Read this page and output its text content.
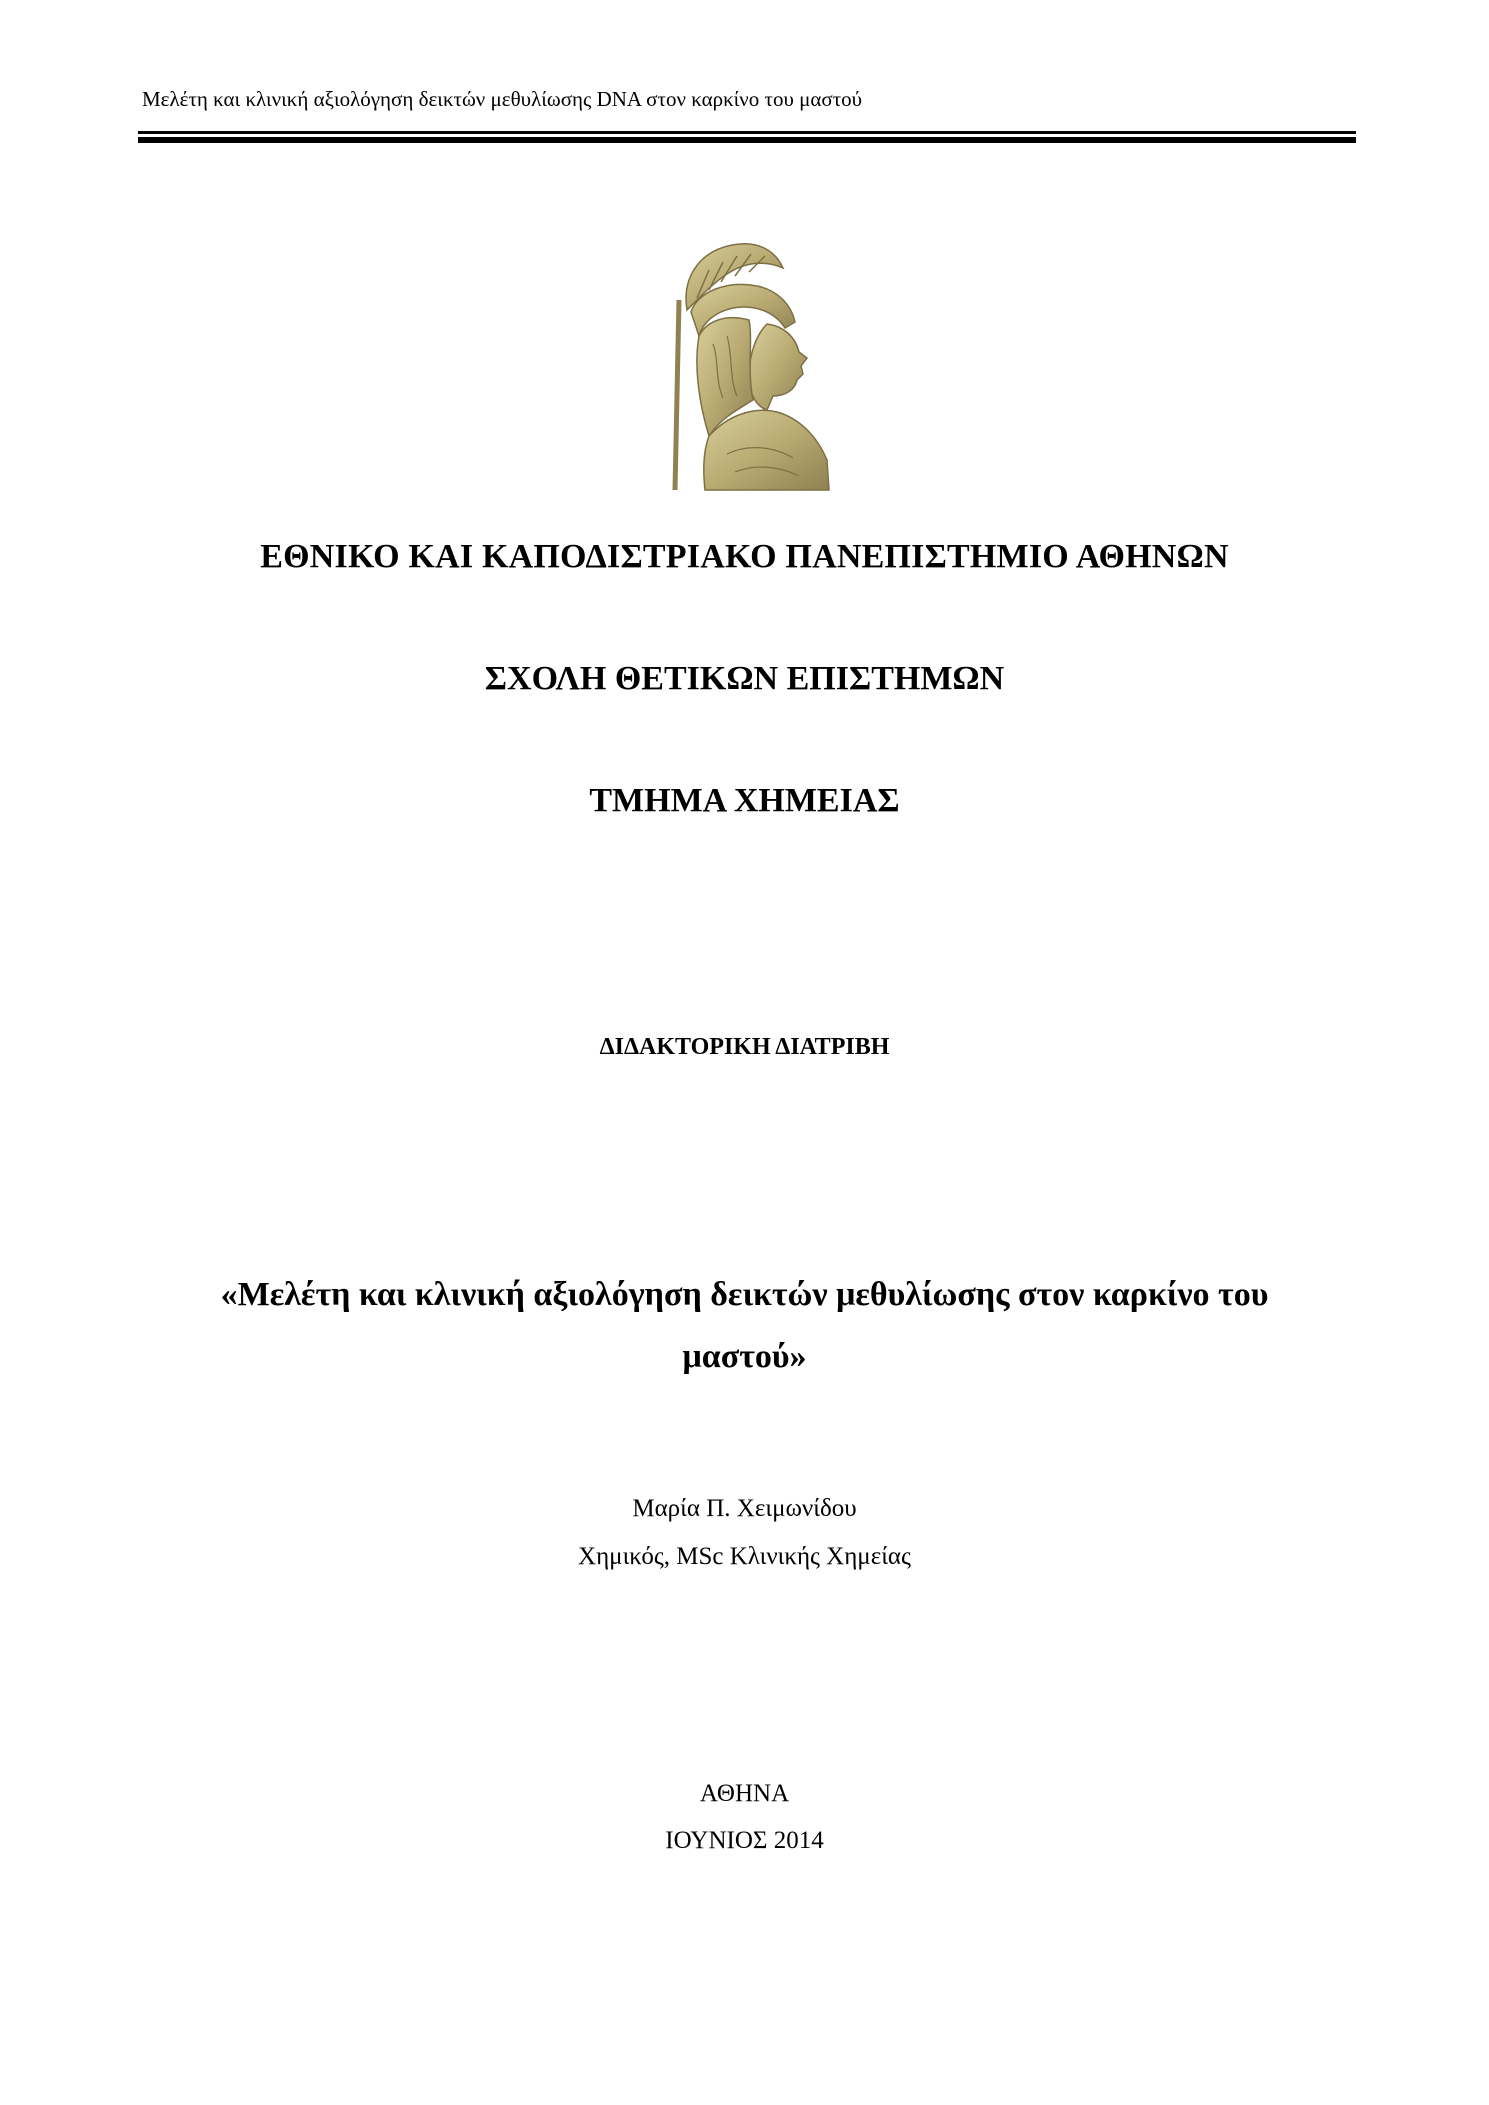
Μελέτη και κλινική αξιολόγηση δεικτών μεθυλίωσης DNA στον καρκίνο του μαστού
ΕΘΝΙΚΟ ΚΑΙ ΚΑΠΟΔΙΣΤΡΙΑΚΟ ΠΑΝΕΠΙΣΤΗΜΙΟ ΑΘΗΝΩΝ
ΣΧΟΛΗ ΘΕΤΙΚΩΝ ΕΠΙΣΤΗΜΩΝ
ΤΜΗΜΑ ΧΗΜΕΙΑΣ
ΔΙΔΑΚΤΟΡΙΚΗ ΔΙΑΤΡΙΒΗ
«Μελέτη και κλινική αξιολόγηση δεικτών μεθυλίωσης στον καρκίνο του
μαστού»
Μαρία Π. Χειμωνίδου
Χημικός, MSc Κλινικής Χημείας
ΑΘΗΝΑ
ΙΟΥΝΙΟΣ 2014
